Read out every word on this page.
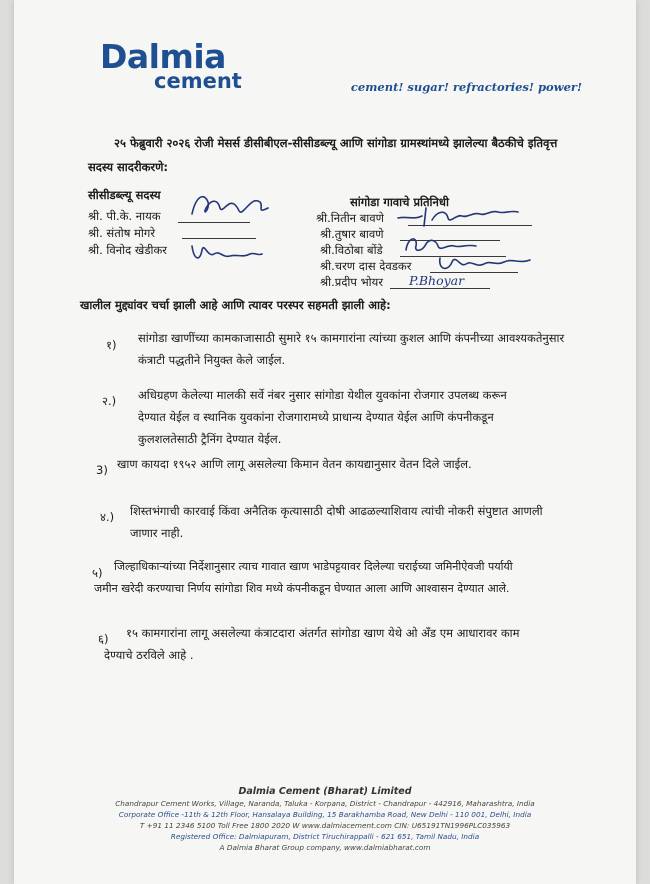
Dalmia
cement	cement! sugar! refractories! power!
२५ फेब्रुवारी २०२६ रोजी मेसर्स डीसीबीएल-सीसीडब्ल्यू आणि सांगोडा ग्रामस्थांमध्ये झालेल्या बैठकीचे इतिवृत्त
सदस्य सादरीकरणे:
सीसीडब्ल्यू सदस्य
श्री. पी.के. नायक
श्री. संतोष मोगरे
श्री. विनोद खेडीकर
सांगोडा गावाचे प्रतिनिधी
श्री.नितीन बावणे
श्री.तुषार बावणे
श्री.विठोबा बोंडे
श्री.चरण दास देवडकर
श्री.प्रदीप भोयर P.Bhoyar
खालील मुद्द्यांवर चर्चा झाली आहे आणि त्यावर परस्पर सहमती झाली आहे:
१) सांगोडा खाणींच्या कामकाजासाठी सुमारे १५ कामगारांना त्यांच्या कुशल आणि कंपनीच्या आवश्यकतेनुसार
कंत्राटी पद्धतीने नियुक्त केले जाईल.
२.) अधिग्रहण केलेल्या मालकी सर्वे नंबर नुसार सांगोडा येथील युवकांना रोजगार उपलब्ध करून
देण्यात येईल व स्थानिक युवकांना रोजगारामध्ये प्राधान्य देण्यात येईल आणि कंपनीकडून
कुलशलतेसाठी ट्रैनिंग देण्यात येईल.
3) खाण कायदा १९५२ आणि लागू असलेल्या किमान वेतन कायद्यानुसार वेतन दिले जाईल.
४.) शिस्तभंगाची कारवाई किंवा अनैतिक कृत्यासाठी दोषी आढळल्याशिवाय त्यांची नोकरी संपुष्टात आणली
जाणार नाही.
५) जिल्हाधिकाऱ्यांच्या निर्देशानुसार त्याच गावात खाण भाडेपट्टयावर दिलेल्या चराईच्या जमिनीऐवजी पर्यायी
जमीन खरेदी करण्याचा निर्णय सांगोडा शिव मध्ये कंपनीकडून घेण्यात आला आणि आश्वासन देण्यात आले.
६) १५ कामगारांना लागू असलेल्या कंत्राटदारा अंतर्गत सांगोडा खाण येथे ओ अँड एम आधारावर काम
देण्याचे ठरविले आहे .
Dalmia Cement (Bharat) Limited
Chandrapur Cement Works, Village, Naranda, Taluka - Korpana, District - Chandrapur - 442916, Maharashtra, India
Corporate Office -11th & 12th Floor, Hansalaya Building, 15 Barakhamba Road, New Delhi - 110 001, Delhi, India
T +91 11 2346 5100 Toll Free 1800 2020 W www.dalmiacement.com CIN: U65191TN1996PLC035963
Registered Office: Dalmiapuram, District Tiruchirappalli - 621 651, Tamil Nadu, India
A Dalmia Bharat Group company, www.dalmiabharat.com
